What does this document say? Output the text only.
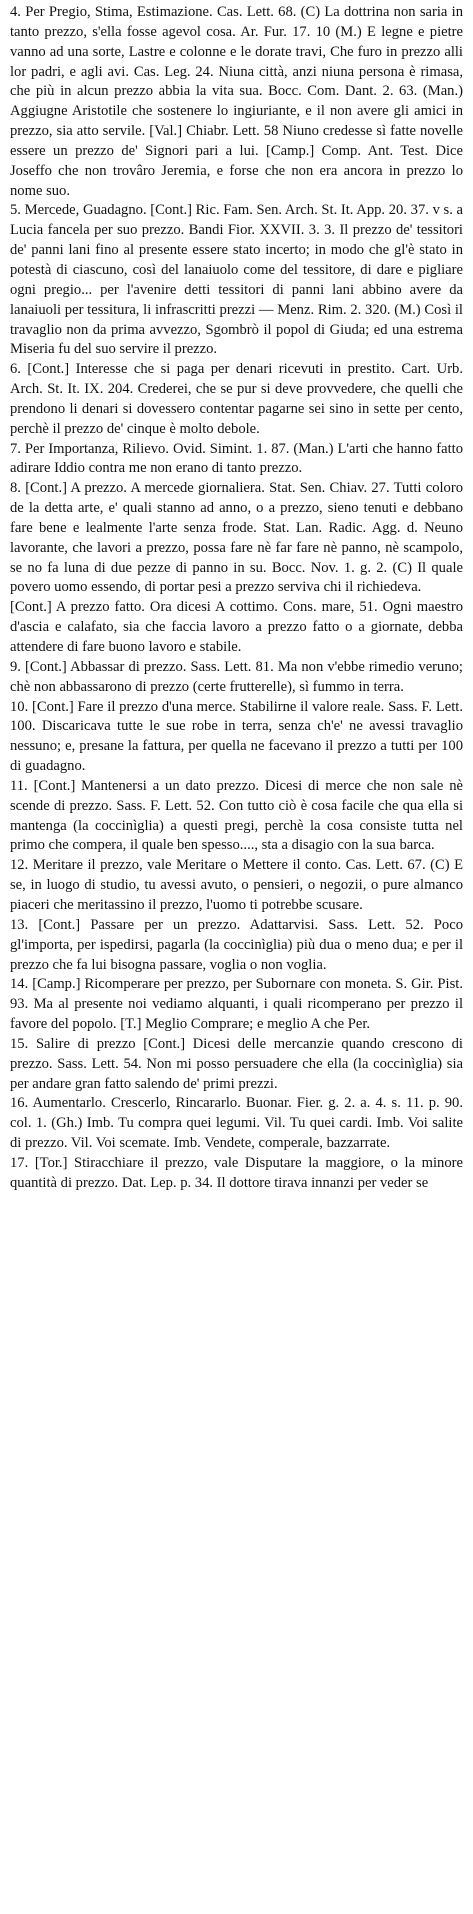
4. Per Pregio, Stima, Estimazione. Cas. Lett. 68. (C) La dottrina non saria in tanto prezzo, s'ella fosse agevol cosa. Ar. Fur. 17. 10 (M.) E legne e pietre vanno ad una sorte, Lastre e colonne e le dorate travi, Che furo in prezzo alli lor padri, e agli avi. Cas. Leg. 24. Niuna città, anzi niuna persona è rimasa, che più in alcun prezzo abbia la vita sua. Bocc. Com. Dant. 2. 63. (Man.) Aggiugne Aristotile che sostenere lo ingiuriante, e il non avere gli amici in prezzo, sia atto servile. [Val.] Chiabr. Lett. 58 Niuno credesse sì fatte novelle essere un prezzo de' Signori pari a lui. [Camp.] Comp. Ant. Test. Dice Joseffo che non trovâro Jeremia, e forse che non era ancora in prezzo lo nome suo.

5. Mercede, Guadagno. [Cont.] Ric. Fam. Sen. Arch. St. It. App. 20. 37. v s. a Lucia fancela per suo prezzo. Bandi Fior. XXVII. 3. 3. Il prezzo de' tessitori de' panni lani fino al presente essere stato incerto; in modo che gl'è stato in potestà di ciascuno, così del lanaiuolo come del tessitore, di dare e pigliare ogni pregio... per l'avenire detti tessitori di panni lani abbino avere da lanaiuoli per tessitura, li infrascritti prezzi — Menz. Rim. 2. 320. (M.) Così il travaglio non da prima avvezzo, Sgombrò il popol di Giuda; ed una estrema Miseria fu del suo servire il prezzo.

6. [Cont.] Interesse che si paga per denari ricevuti in prestito. Cart. Urb. Arch. St. It. IX. 204. Crederei, che se pur si deve provvedere, che quelli che prendono li denari si dovessero contentar pagarne sei sino in sette per cento, perchè il prezzo de' cinque è molto debole.

7. Per Importanza, Rilievo. Ovid. Simint. 1. 87. (Man.) L'arti che hanno fatto adirare Iddio contra me non erano di tanto prezzo.

8. [Cont.] A prezzo. A mercede giornaliera. Stat. Sen. Chiav. 27. Tutti coloro de la detta arte, e' quali stanno ad anno, o a prezzo, sieno tenuti e debbano fare bene e lealmente l'arte senza frode. Stat. Lan. Radic. Agg. d. Neuno lavorante, che lavori a prezzo, possa fare nè far fare nè panno, nè scampolo, se no fa luna di due pezze di panno in su. Bocc. Nov. 1. g. 2. (C) Il quale povero uomo essendo, di portar pesi a prezzo serviva chi il richiedeva.

[Cont.] A prezzo fatto. Ora dicesi A cottimo. Cons. mare, 51. Ogni maestro d'ascia e calafato, sia che faccia lavoro a prezzo fatto o a giornate, debba attendere di fare buono lavoro e stabile.

9. [Cont.] Abbassar di prezzo. Sass. Lett. 81. Ma non v'ebbe rimedio veruno; chè non abbassarono di prezzo (certe frutterelle), sì fummo in terra.

10. [Cont.] Fare il prezzo d'una merce. Stabilirne il valore reale. Sass. F. Lett. 100. Discaricava tutte le sue robe in terra, senza ch'e' ne avessi travaglio nessuno; e, presane la fattura, per quella ne facevano il prezzo a tutti per 100 di guadagno.

11. [Cont.] Mantenersi a un dato prezzo. Dicesi di merce che non sale nè scende di prezzo. Sass. F. Lett. 52. Con tutto ciò è cosa facile che qua ella si mantenga (la coccinìglia) a questi pregi, perchè la cosa consiste tutta nel primo che compera, il quale ben spesso...., sta a disagio con la sua barca.

12. Meritare il prezzo, vale Meritare o Mettere il conto. Cas. Lett. 67. (C) E se, in luogo di studio, tu avessi avuto, o pensieri, o negozii, o pure almanco piaceri che meritassino il prezzo, l'uomo ti potrebbe scusare.

13. [Cont.] Passare per un prezzo. Adattarvisi. Sass. Lett. 52. Poco gl'importa, per ispedirsi, pagarla (la coccinìglia) più dua o meno dua; e per il prezzo che fa lui bisogna passare, voglia o non voglia.

14. [Camp.] Ricomperare per prezzo, per Subornare con moneta. S. Gir. Pist. 93. Ma al presente noi vediamo alquanti, i quali ricomperano per prezzo il favore del popolo. [T.] Meglio Comprare; e meglio A che Per.

15. Salire di prezzo [Cont.] Dicesi delle mercanzie quando crescono di prezzo. Sass. Lett. 54. Non mi posso persuadere che ella (la coccinìglia) sia per andare gran fatto salendo de' primi prezzi.

16. Aumentarlo. Crescerlo, Rincararlo. Buonar. Fier. g. 2. a. 4. s. 11. p. 90. col. 1. (Gh.) Imb. Tu compra quei legumi. Vil. Tu quei cardi. Imb. Voi salite di prezzo. Vil. Voi scemate. Imb. Vendete, comperale, bazzarrate.

17. [Tor.] Stiracchiare il prezzo, vale Disputare la maggiore, o la minore quantità di prezzo. Dat. Lep. p. 34. Il dottore tirava innanzi per veder se
